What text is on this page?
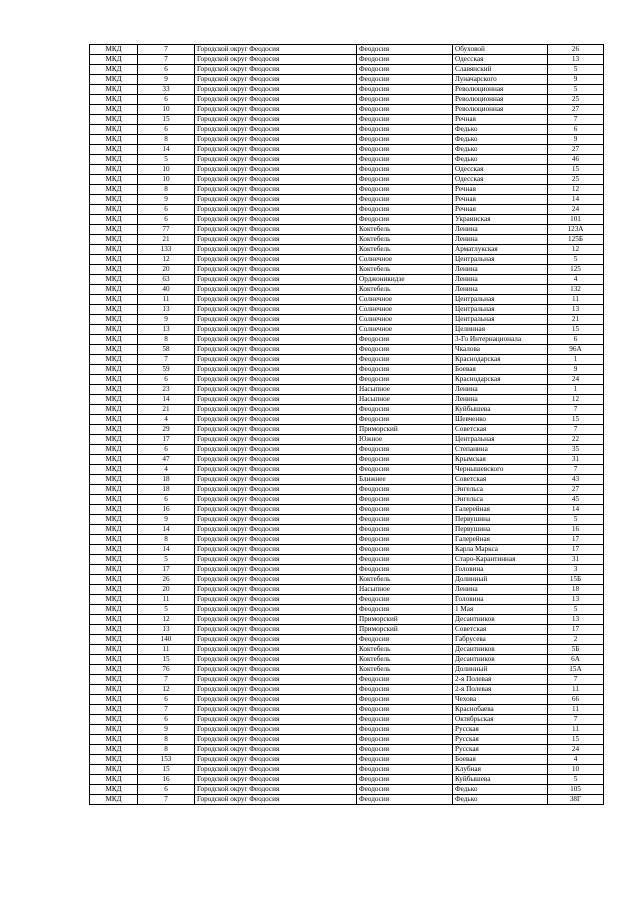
МКД	7	Городской округ Феодосия	Феодосия	Обуховой	26
МКД	7	Городской округ Феодосия	Феодосия	Одесская	13
МКД	6	Городской округ Феодосия	Феодосия	Славянский	5
МКД	9	Городской округ Феодосия	Феодосия	Луначарского	9
МКД	33	Городской округ Феодосия	Феодосия	Революционная	5
МКД	6	Городской округ Феодосия	Феодосия	Революционная	25
МКД	10	Городской округ Феодосия	Феодосия	Революционная	27
МКД	15	Городской округ Феодосия	Феодосия	Речная	7
МКД	6	Городской округ Феодосия	Феодосия	Федько	6
МКД	8	Городской округ Феодосия	Феодосия	Федько	9
МКД	14	Городской округ Феодосия	Феодосия	Федько	27
МКД	5	Городской округ Феодосия	Феодосия	Федько	46
МКД	10	Городской округ Феодосия	Феодосия	Одесская	15
МКД	10	Городской округ Феодосия	Феодосия	Одесская	25
МКД	8	Городской округ Феодосия	Феодосия	Речная	12
МКД	9	Городской округ Феодосия	Феодосия	Речная	14
МКД	6	Городской округ Феодосия	Феодосия	Речная	24
МКД	6	Городской округ Феодосия	Феодосия	Украинская	101
МКД	77	Городской округ Феодосия	Коктебель	Ленина	123А
МКД	21	Городской округ Феодосия	Коктебель	Ленина	125Б
МКД	133	Городской округ Феодосия	Коктебель	Арматлукская	12
МКД	12	Городской округ Феодосия	Солнечное	Центральная	5
МКД	20	Городской округ Феодосия	Коктебель	Ленина	125
МКД	63	Городской округ Феодосия	Орджоникидзе	Ленина	4
МКД	40	Городской округ Феодосия	Коктебель	Ленина	132
МКД	11	Городской округ Феодосия	Солнечное	Центральная	11
МКД	13	Городской округ Феодосия	Солнечное	Центральная	13
МКД	9	Городской округ Феодосия	Солнечное	Центральная	21
МКД	13	Городской округ Феодосия	Солнечное	Целинная	15
МКД	8	Городской округ Феодосия	Феодосия	3-Го Интернационала	6
МКД	58	Городской округ Феодосия	Феодосия	Чкалова	96А
МКД	7	Городской округ Феодосия	Феодосия	Краснодарская	1
МКД	59	Городской округ Феодосия	Феодосия	Боевая	9
МКД	6	Городской округ Феодосия	Феодосия	Краснодарская	24
МКД	23	Городской округ Феодосия	Насыпное	Ленина	1
МКД	14	Городской округ Феодосия	Насыпное	Ленина	12
МКД	21	Городской округ Феодосия	Феодосия	Куйбышева	7
МКД	4	Городской округ Феодосия	Феодосия	Шевченко	15
МКД	29	Городской округ Феодосия	Приморский	Советская	7
МКД	17	Городской округ Феодосия	Южное	Центральная	22
МКД	6	Городской округ Феодосия	Феодосия	Степанина	35
МКД	47	Городской округ Феодосия	Феодосия	Крымская	31
МКД	4	Городской округ Феодосия	Феодосия	Чернышевского	7
МКД	18	Городской округ Феодосия	Ближнее	Советская	43
МКД	18	Городской округ Феодосия	Феодосия	Энгельса	27
МКД	6	Городской округ Феодосия	Феодосия	Энгельса	45
МКД	16	Городской округ Феодосия	Феодосия	Галерейная	14
МКД	9	Городской округ Феодосия	Феодосия	Первушина	5
МКД	14	Городской округ Феодосия	Феодосия	Первушина	16
МКД	8	Городской округ Феодосия	Феодосия	Галерейная	17
МКД	14	Городской округ Феодосия	Феодосия	Карла Маркса	17
МКД	5	Городской округ Феодосия	Феодосия	Старо-Карантинная	31
МКД	17	Городской округ Феодосия	Феодосия	Головина	3
МКД	26	Городской округ Феодосия	Коктебель	Долинный	15Б
МКД	20	Городской округ Феодосия	Насыпное	Ленина	18
МКД	11	Городской округ Феодосия	Феодосия	Головина	13
МКД	5	Городской округ Феодосия	Феодосия	1 Мая	5
МКД	12	Городской округ Феодосия	Приморский	Десантников	13
МКД	13	Городской округ Феодосия	Приморский	Советская	17
МКД	140	Городской округ Феодосия	Феодосия	Габрусева	2
МКД	11	Городской округ Феодосия	Коктебель	Десантников	5Б
МКД	15	Городской округ Феодосия	Коктебель	Десантников	6А
МКД	76	Городской округ Феодосия	Коктебель	Долинный	15А
МКД	7	Городской округ Феодосия	Феодосия	2-я Полевая	7
МКД	12	Городской округ Феодосия	Феодосия	2-я Полевая	11
МКД	6	Городской округ Феодосия	Феодосия	Чехова	66
МКД	7	Городской округ Феодосия	Феодосия	Краснобаева	11
МКД	6	Городской округ Феодосия	Феодосия	Октябрьская	7
МКД	9	Городской округ Феодосия	Феодосия	Русская	11
МКД	8	Городской округ Феодосия	Феодосия	Русская	15
МКД	8	Городской округ Феодосия	Феодосия	Русская	24
МКД	153	Городской округ Феодосия	Феодосия	Боевая	4
МКД	15	Городской округ Феодосия	Феодосия	Клубная	10
МКД	16	Городской округ Феодосия	Феодосия	Куйбышева	5
МКД	6	Городской округ Феодосия	Феодосия	Федько	105
МКД	7	Городской округ Феодосия	Феодосия	Федько	38Г
